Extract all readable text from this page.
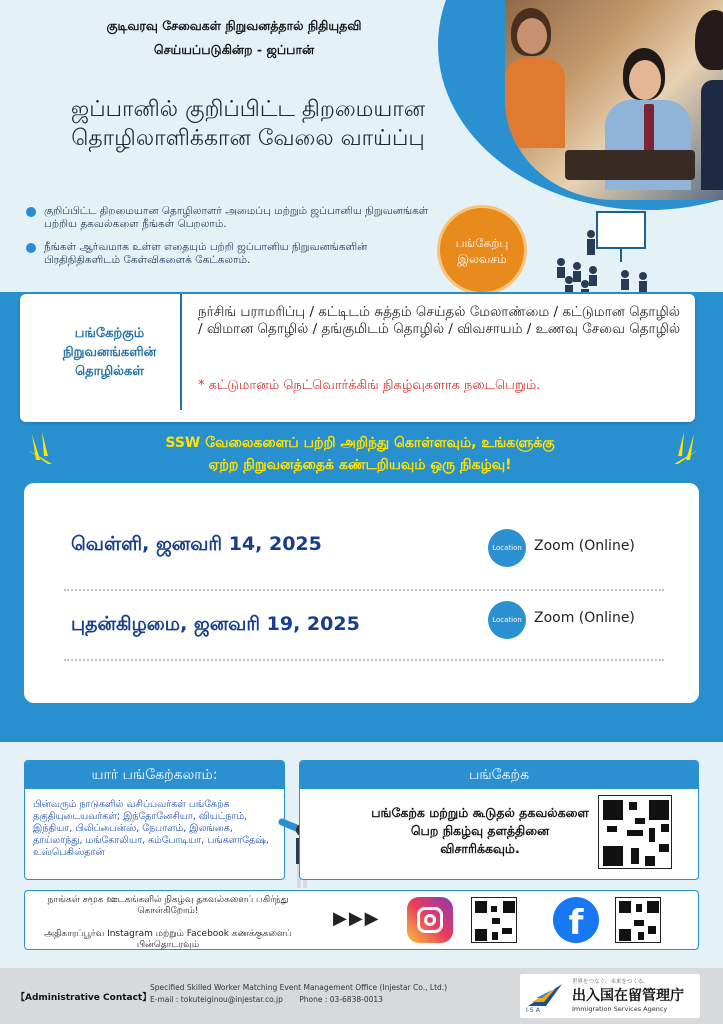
குடிவரவு சேவைகள் நிறுவனத்தால் நிதியுதவி
செய்யப்படுகின்ற - ஜப்பான்
ஜப்பானில் குறிப்பிட்ட திறமையான
தொழிலாளிக்கான வேலை வாய்ப்பு
குறிப்பிட்ட திறமையான தொழிலாளர் அமைப்பு மற்றும் ஜப்பானிய நிறுவனங்கள் பற்றிய தகவல்களை நீங்கள் பெறலாம்.
நீங்கள் ஆர்வமாக உள்ள எதையும் பற்றி ஜப்பானிய நிறுவனங்களின் பிரதிநிதிகளிடம் கேள்விகளைக் கேட்கலாம்.
பங்கேற்பு
இலவசம்
பங்கேற்கும்
நிறுவனங்களின்
தொழில்கள்
நர்சிங் பராமரிப்பு / கட்டிடம் சுத்தம் செய்தல் மேலாண்மை / கட்டுமான தொழில் / விமான தொழில் / தங்குமிடம் தொழில் / விவசாயம் / உணவு சேவை தொழில்
* கட்டுமானம் நெட்வொர்க்கிங் நிகழ்வுகளாக நடைபெறும்.
SSW வேலைகளைப் பற்றி அறிந்து கொள்ளவும், உங்களுக்கு
ஏற்ற நிறுவனத்தைக் கண்டறியவும் ஒரு நிகழ்வு!
வெள்ளி, ஜனவரி 14, 2025	Location Zoom (Online)
புதன்கிழமை, ஜனவரி 19, 2025	Location Zoom (Online)
யார் பங்கேற்கலாம்:
பின்வரும் நாடுகளில் வசிப்பவர்கள் பங்கேற்க தகுதியுடையவர்கள்; இந்தோனேசியா, வியட்நாம், இந்தியா, பிலிப்பைன்ஸ், நேபாளம், இலங்கை, தாய்லாந்து, மங்கோலியா, கம்போடியா, பங்களாதேஷ், உஸ்பெகிஸ்தான்
பங்கேற்க
பங்கேற்க மற்றும் கூடுதல் தகவல்களை பெற நிகழ்வு தளத்தினை விசாரிக்கவும்.
நாங்கள் சமூக ஊடகங்களில் நிகழ்வு தகவல்களைப் பகிர்ந்து கொள்கிறோம்!
அதிகாரப்பூர்வ Instagram மற்றும் Facebook கணக்குகளைப் பின்தொடரவும்
▶▶▶	f
【Administrative Contact】
Specified Skilled Worker Matching Event Management Office (Injestar Co., Ltd.)
E-mail : tokuteiginou@injestar.co.jp Phone : 03-6838-0013
ISA
世界をつなぐ、未来をつくる。
出入国在留管理庁
Immigration Services Agency
